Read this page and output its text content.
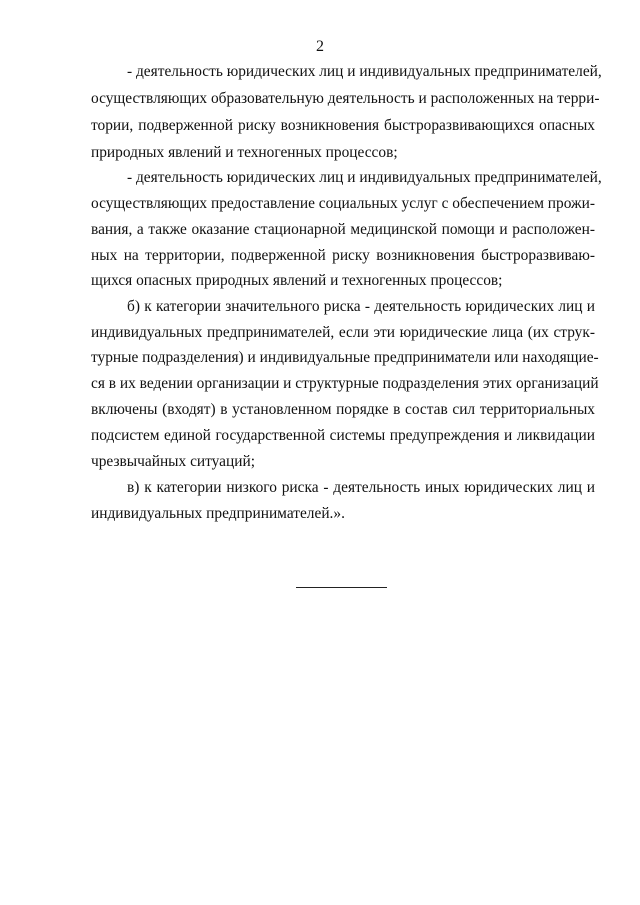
2
- деятельность юридических лиц и индивидуальных предпринимателей,
осуществляющих образовательную деятельность и расположенных на терри-
тории, подверженной риску возникновения быстроразвивающихся опасных
природных явлений и техногенных процессов;
- деятельность юридических лиц и индивидуальных предпринимателей,
осуществляющих предоставление социальных услуг с обеспечением прожи-
вания, а также оказание стационарной медицинской помощи и расположен-
ных на территории, подверженной риску возникновения быстроразвиваю-
щихся опасных природных явлений и техногенных процессов;
б) к категории значительного риска - деятельность юридических лиц и
индивидуальных предпринимателей, если эти юридические лица (их струк-
турные подразделения) и индивидуальные предприниматели или находящие-
ся в их ведении организации и структурные подразделения этих организаций
включены (входят) в установленном порядке в состав сил территориальных
подсистем единой государственной системы предупреждения и ликвидации
чрезвычайных ситуаций;
в) к категории низкого риска - деятельность иных юридических лиц и
индивидуальных предпринимателей.».
